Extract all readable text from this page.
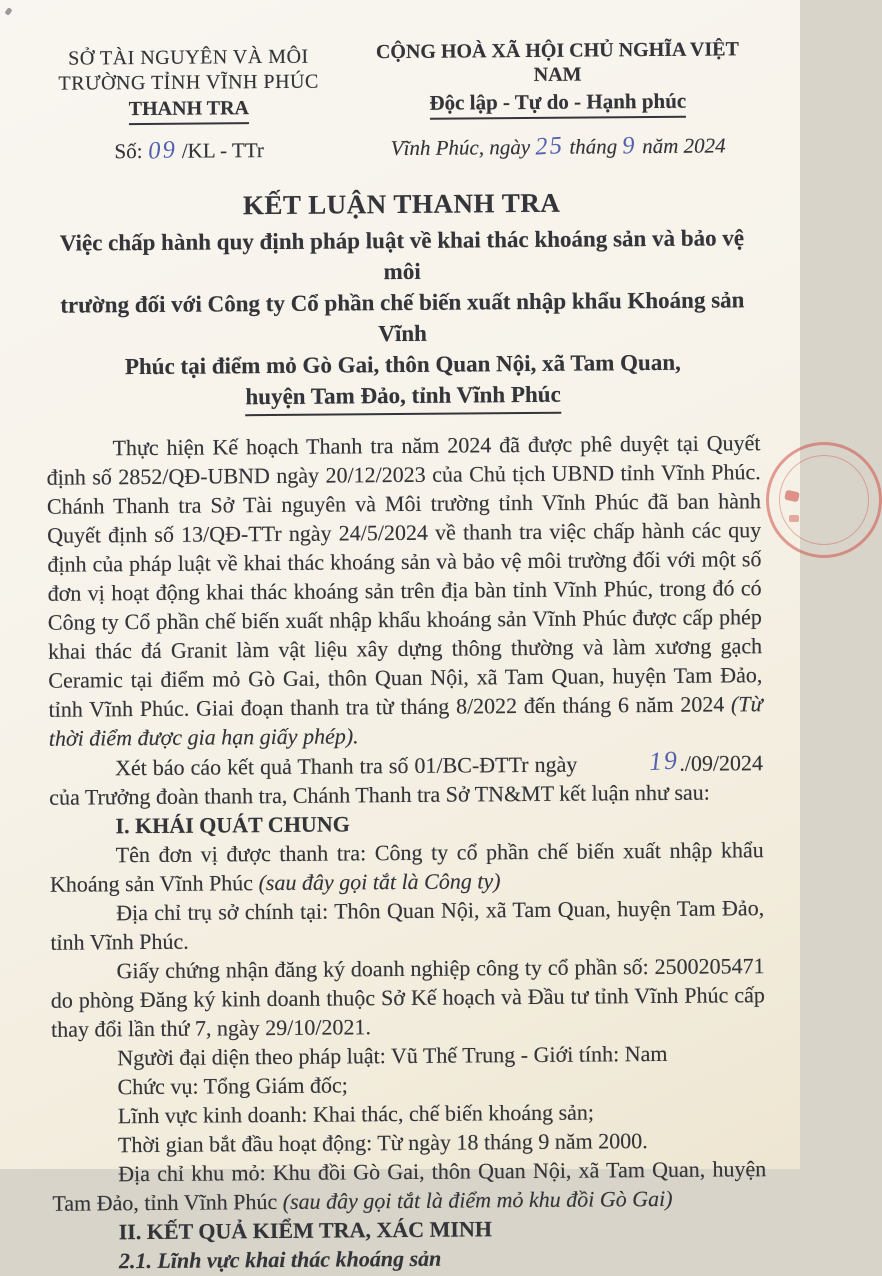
SỞ TÀI NGUYÊN VÀ MÔI
TRƯỜNG TỈNH VĨNH PHÚC
THANH TRA
Số: 09 /KL - TTr
CỘNG HOÀ XÃ HỘI CHỦ NGHĨA VIỆT NAM
Độc lập - Tự do - Hạnh phúc
Vĩnh Phúc, ngày 25 tháng 9 năm 2024
KẾT LUẬN THANH TRA
Việc chấp hành quy định pháp luật về khai thác khoáng sản và bảo vệ môi
trường đối với Công ty Cổ phần chế biến xuất nhập khẩu Khoáng sản Vĩnh
Phúc tại điểm mỏ Gò Gai, thôn Quan Nội, xã Tam Quan,
huyện Tam Đảo, tỉnh Vĩnh Phúc

Thực hiện Kế hoạch Thanh tra năm 2024 đã được phê duyệt tại Quyết định số 2852/QĐ-UBND ngày 20/12/2023 của Chủ tịch UBND tỉnh Vĩnh Phúc. Chánh Thanh tra Sở Tài nguyên và Môi trường tỉnh Vĩnh Phúc đã ban hành Quyết định số 13/QĐ-TTr ngày 24/5/2024 về thanh tra việc chấp hành các quy định của pháp luật về khai thác khoáng sản và bảo vệ môi trường đối với một số đơn vị hoạt động khai thác khoáng sản trên địa bàn tỉnh Vĩnh Phúc, trong đó có Công ty Cổ phần chế biến xuất nhập khẩu khoáng sản Vĩnh Phúc được cấp phép khai thác đá Granit làm vật liệu xây dựng thông thường và làm xương gạch Ceramic tại điểm mỏ Gò Gai, thôn Quan Nội, xã Tam Quan, huyện Tam Đảo, tỉnh Vĩnh Phúc. Giai đoạn thanh tra từ tháng 8/2022 đến tháng 6 năm 2024 (Từ thời điểm được gia hạn giấy phép).

Xét báo cáo kết quả Thanh tra số 01/BC-ĐTTr ngày	19./09/2024 của Trưởng đoàn thanh tra, Chánh Thanh tra Sở TN&MT kết luận như sau:

I. KHÁI QUÁT CHUNG

Tên đơn vị được thanh tra: Công ty cổ phần chế biến xuất nhập khẩu Khoáng sản Vĩnh Phúc (sau đây gọi tắt là Công ty)

Địa chỉ trụ sở chính tại: Thôn Quan Nội, xã Tam Quan, huyện Tam Đảo, tỉnh Vĩnh Phúc.

Giấy chứng nhận đăng ký doanh nghiệp công ty cổ phần số: 2500205471 do phòng Đăng ký kinh doanh thuộc Sở Kế hoạch và Đầu tư tỉnh Vĩnh Phúc cấp thay đổi lần thứ 7, ngày 29/10/2021.

Người đại diện theo pháp luật: Vũ Thế Trung - Giới tính: Nam

Chức vụ: Tổng Giám đốc;

Lĩnh vực kinh doanh: Khai thác, chế biến khoáng sản;

Thời gian bắt đầu hoạt động: Từ ngày 18 tháng 9 năm 2000.

Địa chỉ khu mỏ: Khu đồi Gò Gai, thôn Quan Nội, xã Tam Quan, huyện Tam Đảo, tỉnh Vĩnh Phúc (sau đây gọi tắt là điểm mỏ khu đồi Gò Gai)

II. KẾT QUẢ KIỂM TRA, XÁC MINH

2.1. Lĩnh vực khai thác khoáng sản
